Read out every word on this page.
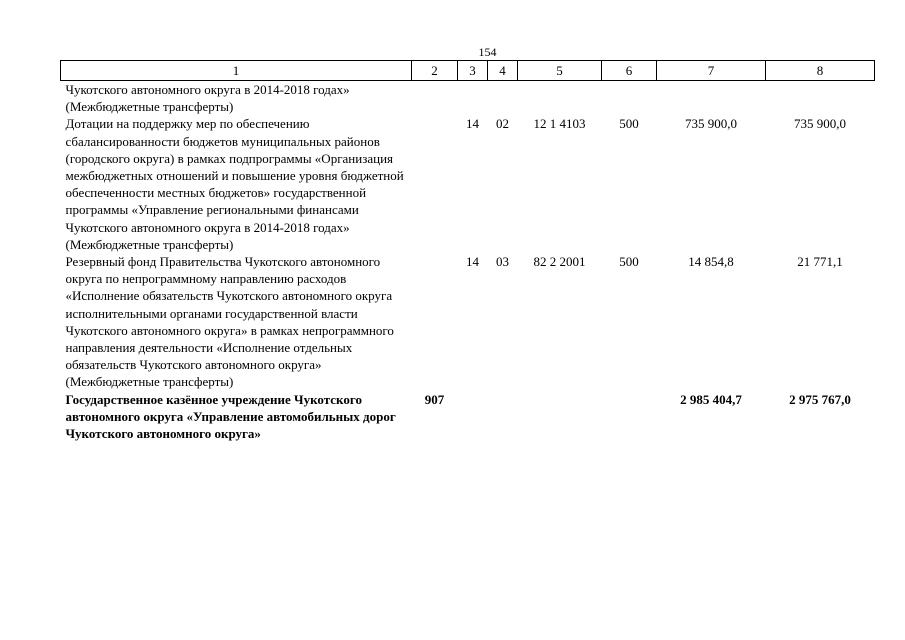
154
1	2	3	4	5	6	7	8
Чукотского автономного округа в 2014-2018 годах» (Межбюджетные трансферты)							
Дотации на поддержку мер по обеспечению сбалансированности бюджетов муниципальных районов (городского округа) в рамках подпрограммы «Организация межбюджетных отношений и повышение уровня бюджетной обеспеченности местных бюджетов» государственной программы «Управление региональными финансами Чукотского автономного округа в 2014-2018 годах» (Межбюджетные трансферты)		14	02	12 1 4103	500	735 900,0	735 900,0
Резервный фонд Правительства Чукотского автономного округа по непрограммному направлению расходов «Исполнение обязательств Чукотского автономного округа исполнительными органами государственной власти Чукотского автономного округа» в рамках непрограммного направления деятельности «Исполнение отдельных обязательств Чукотского автономного округа» (Межбюджетные трансферты)		14	03	82 2 2001	500	14 854,8	21 771,1
Государственное казённое учреждение Чукотского автономного округа «Управление автомобильных дорог Чукотского автономного округа»	907					2 985 404,7	2 975 767,0
